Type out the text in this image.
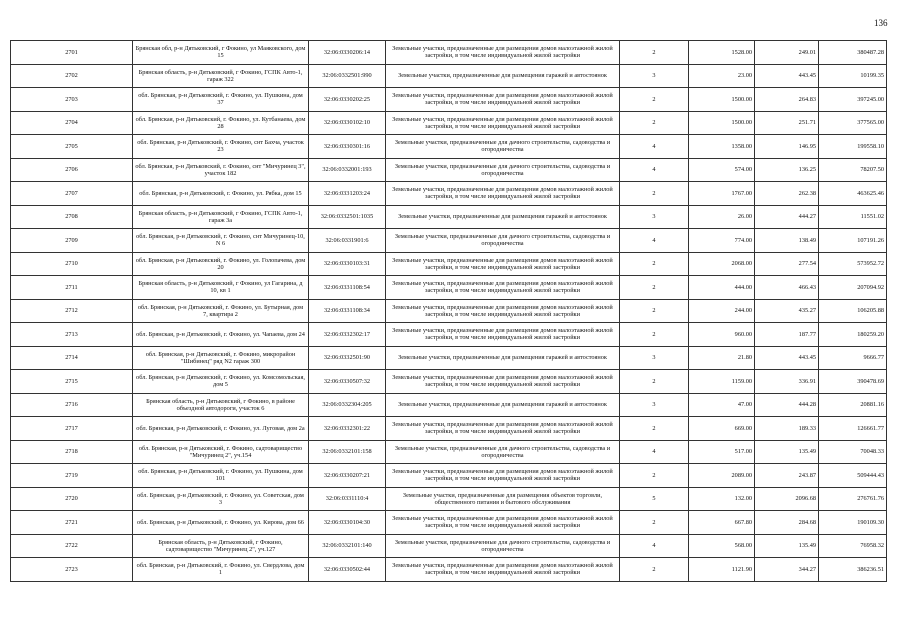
136
2701	Брянская обл, р-н Дятьковский, г Фокино, ул Маяковского, дом 15	32:06:0330206:14	Земельные участки, предназначенные для размещения домов малоэтажной жилой застройки, в том числе индивидуальной жилой застройки	2	1528.00	249.01	380487.28
2702	Брянская область, р-н Дятьковский, г Фокино, ГСПК Авто-1, гараж 322	32:06:0332501:990	Земельные участки, предназначенные для размещения гаражей и автостоянок	3	23.00	443.45	10199.35
2703	обл. Брянская, р-н Дятьковский, г. Фокино, ул. Пушкина, дом 37	32:06:0330202:25	Земельные участки, предназначенные для размещения домов малоэтажной жилой застройки, в том числе индивидуальной жилой застройки	2	1500.00	264.83	397245.00
2704	обл. Брянская, р-н Дятьковский, г. Фокино, ул. Кутбанаева, дом 28	32:06:0330102:10	Земельные участки, предназначенные для размещения домов малоэтажной жилой застройки, в том числе индивидуальной жилой застройки	2	1500.00	251.71	377565.00
2705	обл. Брянская, р-н Дятьковский, г. Фокино, снт Бахча, участок 23	32:06:0330301:16	Земельные участки, предназначенные для дачного строительства, садоводства и огородничества	4	1358.00	146.95	199558.10
2706	обл. Брянская, р-н Дятьковский, г. Фокино, снт "Мичуринец 3", участок 182	32:06:0332001:193	Земельные участки, предназначенные для дачного строительства, садоводства и огородничества	4	574.00	136.25	78207.50
2707	обл. Брянская, р-н Дятьковский, г. Фокино, ул. Рябка, дом 15	32:06:0331203:24	Земельные участки, предназначенные для размещения домов малоэтажной жилой застройки, в том числе индивидуальной жилой застройки	2	1767.00	262.38	463625.46
2708	Брянская область, р-н Дятьковский, г Фокино, ГСПК Авто-1, гараж 3а	32:06:0332501:1035	Земельные участки, предназначенные для размещения гаражей и автостоянок	3	26.00	444.27	11551.02
2709	обл. Брянская, р-н Дятьковский, г. Фокино, снт Мичуринец-10, N 6	32:06:0331901:6	Земельные участки, предназначенные для дачного строительства, садоводства и огородничества	4	774.00	138.49	107191.26
2710	обл. Брянская, р-н Дятьковский, г. Фокино, ул. Голопачева, дом 20	32:06:0330103:31	Земельные участки, предназначенные для размещения домов малоэтажной жилой застройки, в том числе индивидуальной жилой застройки	2	2068.00	277.54	573952.72
2711	Брянская область, р-н Дятьковский, г Фокино, ул Гагарина, д 10, кв 1	32:06:0331108:54	Земельные участки, предназначенные для размещения домов малоэтажной жилой застройки, в том числе индивидуальной жилой застройки	2	444.00	466.43	207094.92
2712	обл. Брянская, р-н Дятьковский, г. Фокино, ул. Бутырная, дом 7, квартира 2	32:06:0331108:34	Земельные участки, предназначенные для размещения домов малоэтажной жилой застройки, в том числе индивидуальной жилой застройки	2	244.00	435.27	106205.88
2713	обл. Брянская, р-н Дятьковский, г. Фокино, ул. Чапаева, дом 24	32:06:0332302:17	Земельные участки, предназначенные для размещения домов малоэтажной жилой застройки, в том числе индивидуальной жилой застройки	2	960.00	187.77	180259.20
2714	обл. Брянская, р-н Дятьковский, г. Фокино, микрорайон "Шибинец" ряд N2 гараж 300	32:06:0332501:90	Земельные участки, предназначенные для размещения гаражей и автостоянок	3	21.80	443.45	9666.77
2715	обл. Брянская, р-н Дятьковский, г. Фокино, ул. Комсомольская, дом 5	32:06:0330507:32	Земельные участки, предназначенные для размещения домов малоэтажной жилой застройки, в том числе индивидуальной жилой застройки	2	1159.00	336.91	390478.69
2716	Брянская область, р-н Дятьковский, г Фокино, в районе объездной автодороги, участок 6	32:06:0332304:205	Земельные участки, предназначенные для размещения гаражей и автостоянок	3	47.00	444.28	20881.16
2717	обл. Брянская, р-н Дятьковский, г. Фокино, ул. Луговая, дом 2а	32:06:0332301:22	Земельные участки, предназначенные для размещения домов малоэтажной жилой застройки, в том числе индивидуальной жилой застройки	2	669.00	189.33	126661.77
2718	обл. Брянская, р-н Дятьковский, г. Фокино, садтоварищество "Мичуринец 2", уч.154	32:06:0332101:158	Земельные участки, предназначенные для дачного строительства, садоводства и огородничества	4	517.00	135.49	70048.33
2719	обл. Брянская, р-н Дятьковский, г. Фокино, ул. Пушкина, дом 101	32:06:0330207:21	Земельные участки, предназначенные для размещения домов малоэтажной жилой застройки, в том числе индивидуальной жилой застройки	2	2089.00	243.87	509444.43
2720	обл. Брянская, р-н Дятьковский, г. Фокино, ул. Советская, дом 3	32:06:0331110:4	Земельные участки, предназначенные для размещения объектов торговли, общественного питания и бытового обслуживания	5	132.00	2096.68	276761.76
2721	обл. Брянская, р-н Дятьковский, г. Фокино, ул. Кирова, дом 66	32:06:0330104:30	Земельные участки, предназначенные для размещения домов малоэтажной жилой застройки, в том числе индивидуальной жилой застройки	2	667.80	284.68	190109.30
2722	Брянская область, р-н Дятьковский, г Фокино, садтоварищество "Мичуринец 2", уч.127	32:06:0332101:140	Земельные участки, предназначенные для дачного строительства, садоводства и огородничества	4	568.00	135.49	76958.32
2723	обл. Брянская, р-н Дятьковский, г. Фокино, ул. Свердлова, дом 1	32:06:0330502:44	Земельные участки, предназначенные для размещения домов малоэтажной жилой застройки, в том числе индивидуальной жилой застройки	2	1121.90	344.27	386236.51
